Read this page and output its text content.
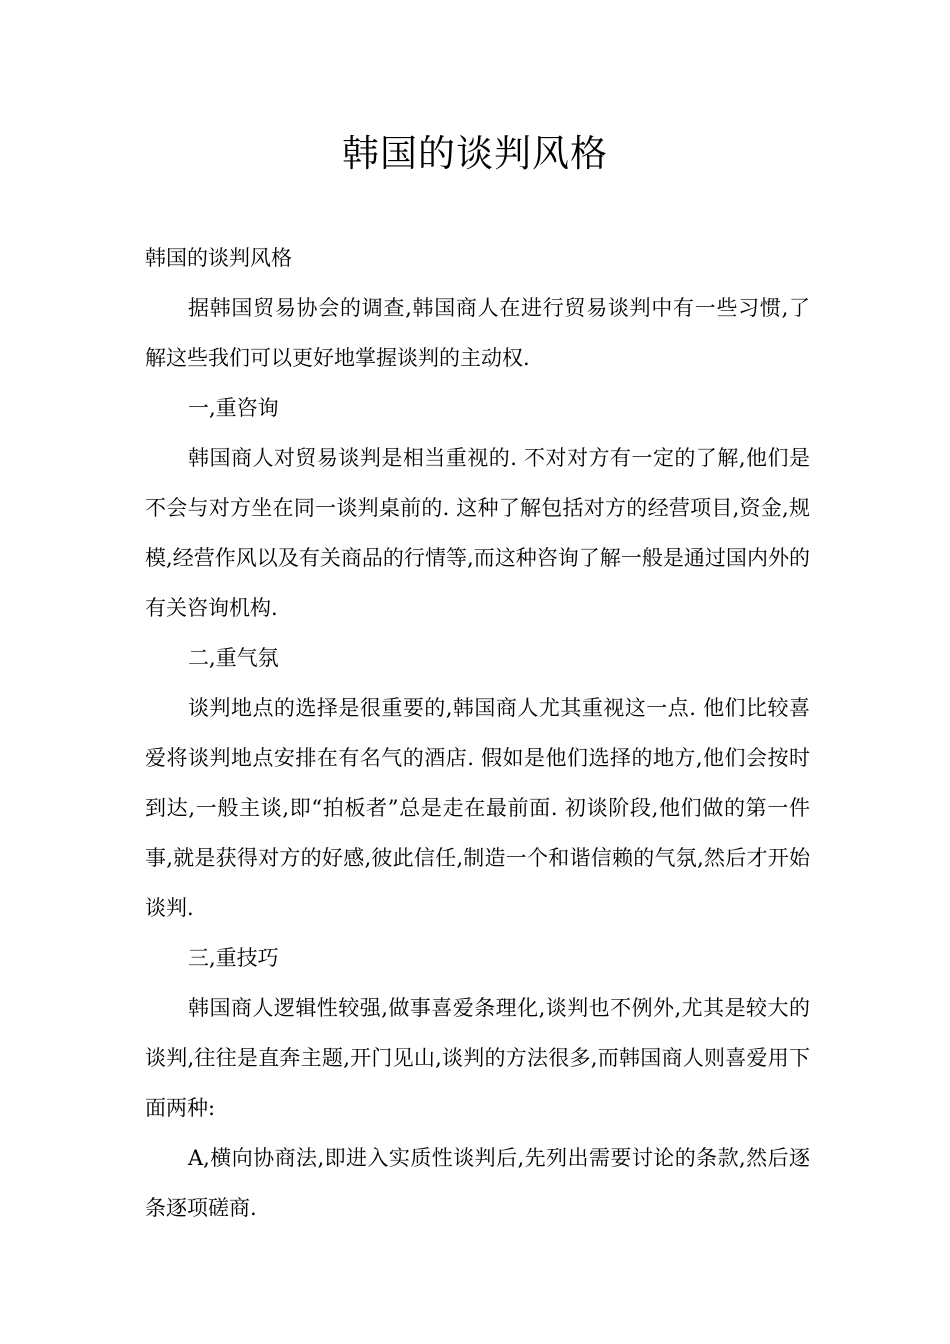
韩国的谈判风格

韩国的谈判风格

据韩国贸易协会的调查,韩国商人在进行贸易谈判中有一些习惯,了解这些我们可以更好地掌握谈判的主动权.

一,重咨询

韩国商人对贸易谈判是相当重视的. 不对对方有一定的了解,他们是不会与对方坐在同一谈判桌前的. 这种了解包括对方的经营项目,资金,规模,经营作风以及有关商品的行情等,而这种咨询了解一般是通过国内外的有关咨询机构.

二,重气氛

谈判地点的选择是很重要的,韩国商人尤其重视这一点. 他们比较喜爱将谈判地点安排在有名气的酒店. 假如是他们选择的地方,他们会按时到达,一般主谈,即“拍板者”总是走在最前面. 初谈阶段,他们做的第一件事,就是获得对方的好感,彼此信任,制造一个和谐信赖的气氛,然后才开始谈判.

三,重技巧

韩国商人逻辑性较强,做事喜爱条理化,谈判也不例外,尤其是较大的谈判,往往是直奔主题,开门见山,谈判的方法很多,而韩国商人则喜爱用下面两种:

A,横向协商法,即进入实质性谈判后,先列出需要讨论的条款,然后逐条逐项磋商.
